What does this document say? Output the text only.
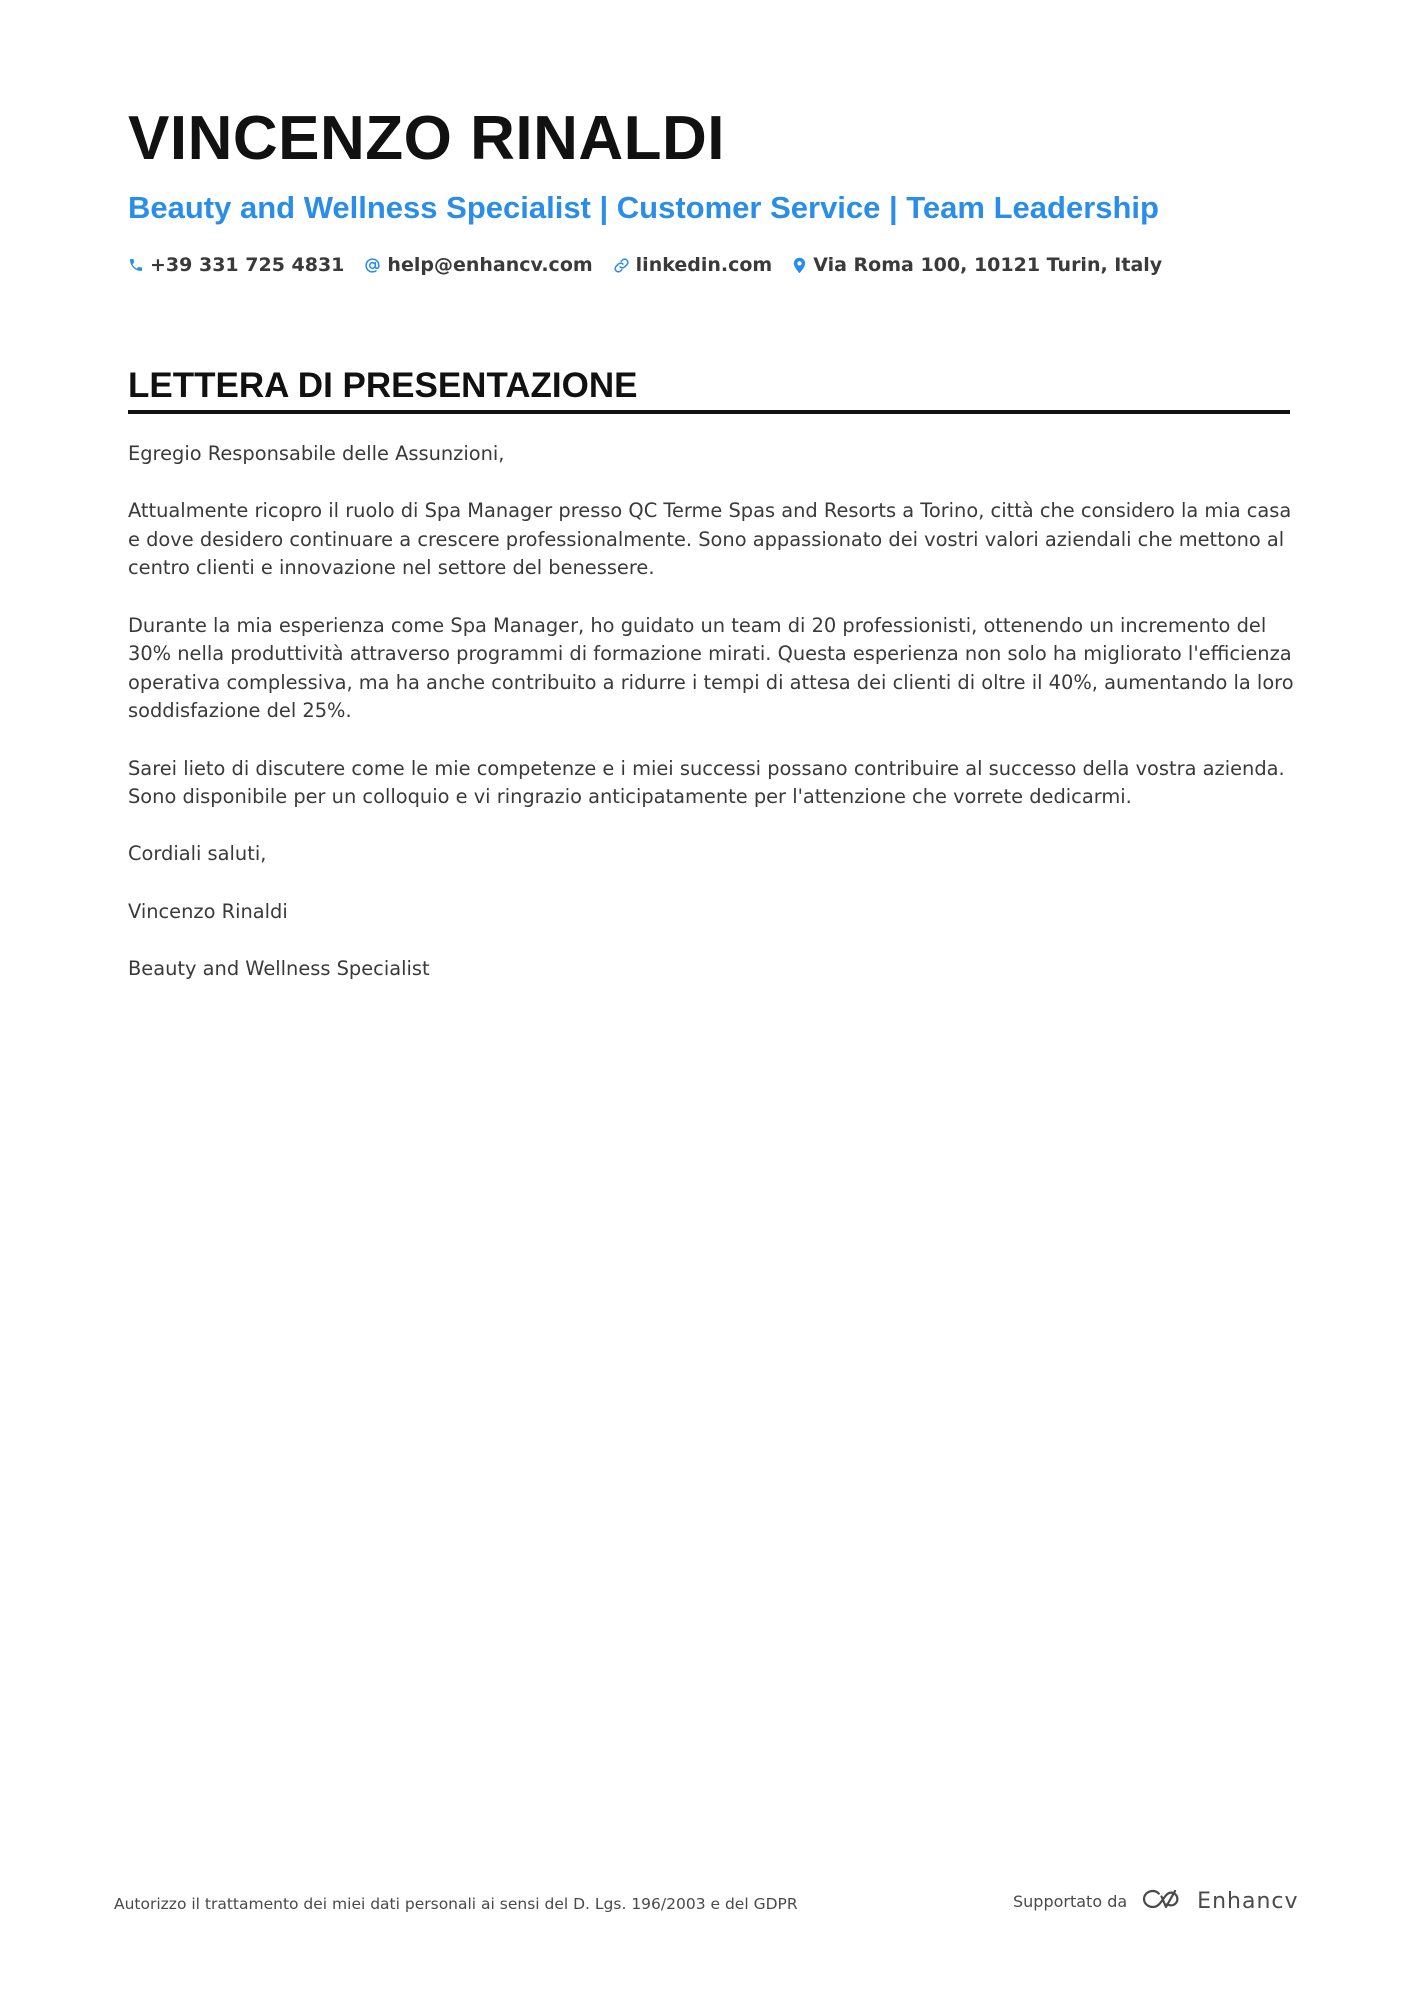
VINCENZO RINALDI
Beauty and Wellness Specialist | Customer Service | Team Leadership
+39 331 725 4831 help@enhancv.com linkedin.com Via Roma 100, 10121 Turin, Italy
LETTERA DI PRESENTAZIONE

Egregio Responsabile delle Assunzioni,

Attualmente ricopro il ruolo di Spa Manager presso QC Terme Spas and Resorts a Torino, città che considero la mia casa e dove desidero continuare a crescere professionalmente. Sono appassionato dei vostri valori aziendali che mettono al centro clienti e innovazione nel settore del benessere.

Durante la mia esperienza come Spa Manager, ho guidato un team di 20 professionisti, ottenendo un incremento del 30% nella produttività attraverso programmi di formazione mirati. Questa esperienza non solo ha migliorato l'efficienza operativa complessiva, ma ha anche contribuito a ridurre i tempi di attesa dei clienti di oltre il 40%, aumentando la loro soddisfazione del 25%.

Sarei lieto di discutere come le mie competenze e i miei successi possano contribuire al successo della vostra azienda. Sono disponibile per un colloquio e vi ringrazio anticipatamente per l'attenzione che vorrete dedicarmi.

Cordiali saluti,

Vincenzo Rinaldi

Beauty and Wellness Specialist

Autorizzo il trattamento dei miei dati personali ai sensi del D. Lgs. 196/2003 e del GDPR	Supportato da	Enhancv
